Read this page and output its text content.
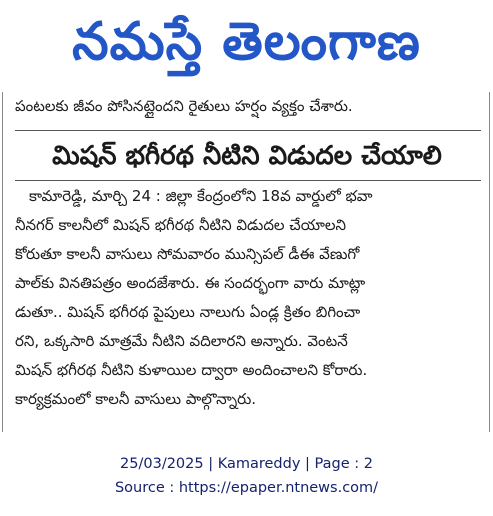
నమస్తే తెలంగాణ
పంటలకు జీవం పోసినట్లైందని రైతులు హర్షం వ్యక్తం చేశారు.
మిషన్ భగీరథ నీటిని విడుదల చేయాలి
కామారెడ్డి, మార్చి 24 : జిల్లా కేంద్రంలోని 18వ వార్డులో భవా
నీనగర్ కాలనీలో మిషన్ భగీరథ నీటిని విడుదల చేయాలని
కోరుతూ కాలనీ వాసులు సోమవారం మున్సిపల్ డీఈ వేణుగో
పాల్‌కు వినతిపత్రం అందజేశారు. ఈ సందర్భంగా వారు మాట్లా
డుతూ.. మిషన్ భగీరథ పైపులు నాలుగు ఏండ్ల క్రితం బిగించా
రని, ఒక్కసారి మాత్రమే నీటిని వదిలారని అన్నారు. వెంటనే
మిషన్ భగీరథ నీటిని కుళాయిల ద్వారా అందించాలని కోరారు.
కార్యక్రమంలో కాలనీ వాసులు పాల్గొన్నారు.
25/03/2025 | Kamareddy | Page : 2
Source : https://epaper.ntnews.com/
